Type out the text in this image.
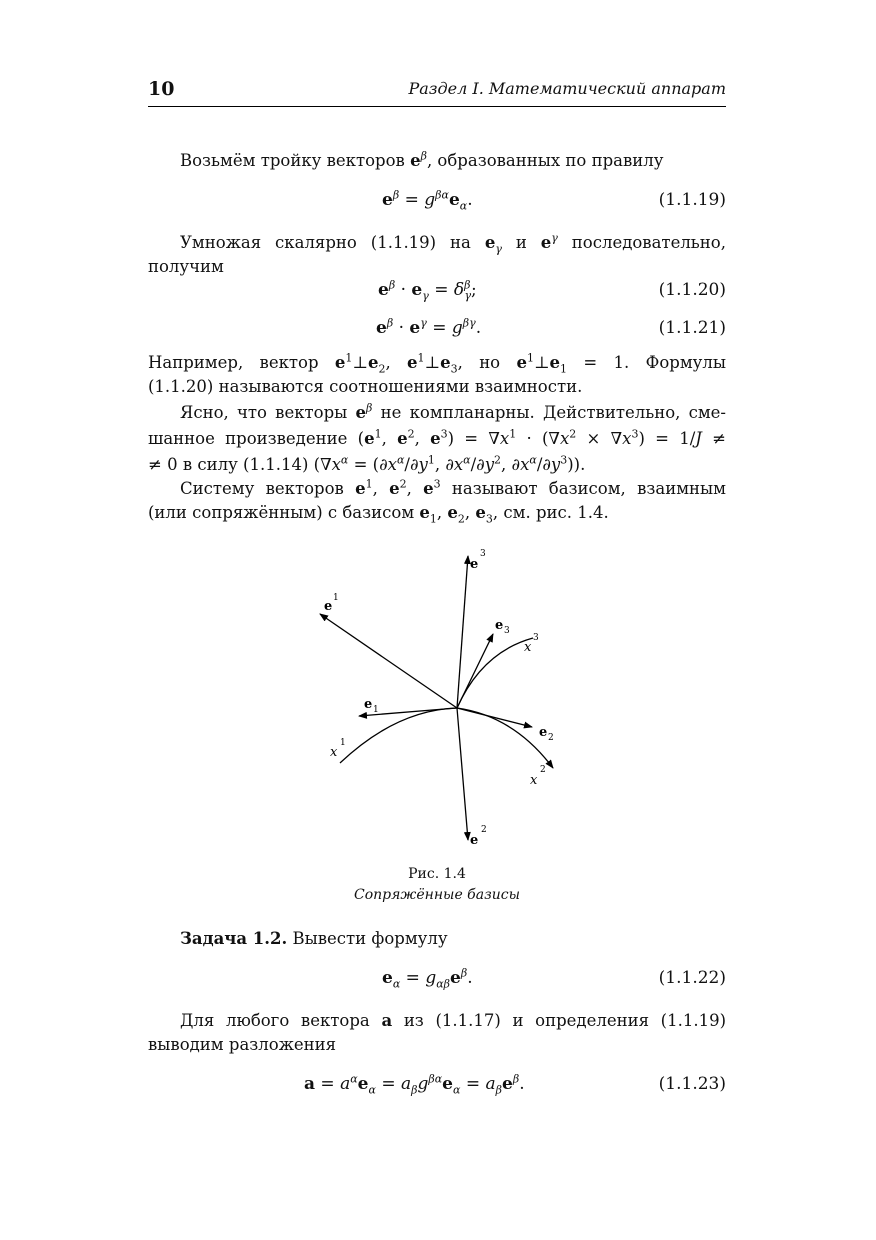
10	Раздел I. Математический аппарат
Возьмём тройку векторов $e^\beta$, образованных по правилу
$e^\beta = g^{\beta\alpha}e_\alpha$.	(1.1.19)
Умножая скалярно (1.1.19) на $e_\gamma$ и $e^\gamma$ последовательно,
получим
$e^\beta \cdot e_\gamma = \delta^\beta_\gamma$;	(1.1.20)
$e^\beta \cdot e^\gamma = g^{\beta\gamma}$.	(1.1.21)
Например, вектор $e^1\perp e_2$, $e^1\perp e_3$, но $e^1\perp e_1 = 1$. Формулы
(1.1.20) называются соотношениями взаимности.
Ясно, что векторы $e^\beta$ не компланарны. Действительно, сме-
шанное произведение ($e^1$, $e^2$, $e^3) = \nabla x^1 \cdot (\nabla x^2 \times \nabla x^3) = 1/J$ ≠
≠ 0 в силу (1.1.14) ($\nabla x^\alpha = (\partial x^\alpha/\partial y^1$, $\partial x^\alpha/\partial y^2$, $\partial x^\alpha/\partial y^3$)).
Систему векторов $e^1$, $e^2$, $e^3$ называют базисом, взаимным
(или сопряжённым) с базисом $e_1$, $e_2$, $e_3$, см. рис. 1.4.
e
3
e
1
e
2
e 3
e 1
e 2
x
3
x
1
x
2
Рис. 1.4
Сопряжённые базисы
Задача 1.2. Вывести формулу
$e_\alpha = g_{\alpha\beta}e^\beta$.	(1.1.22)
Для любого вектора a из (1.1.17) и определения (1.1.19)
выводим разложения
$a = a^\alpha e_\alpha = a_\beta g^{\beta\alpha}e_\alpha = a_\beta e^\beta$.	(1.1.23)
